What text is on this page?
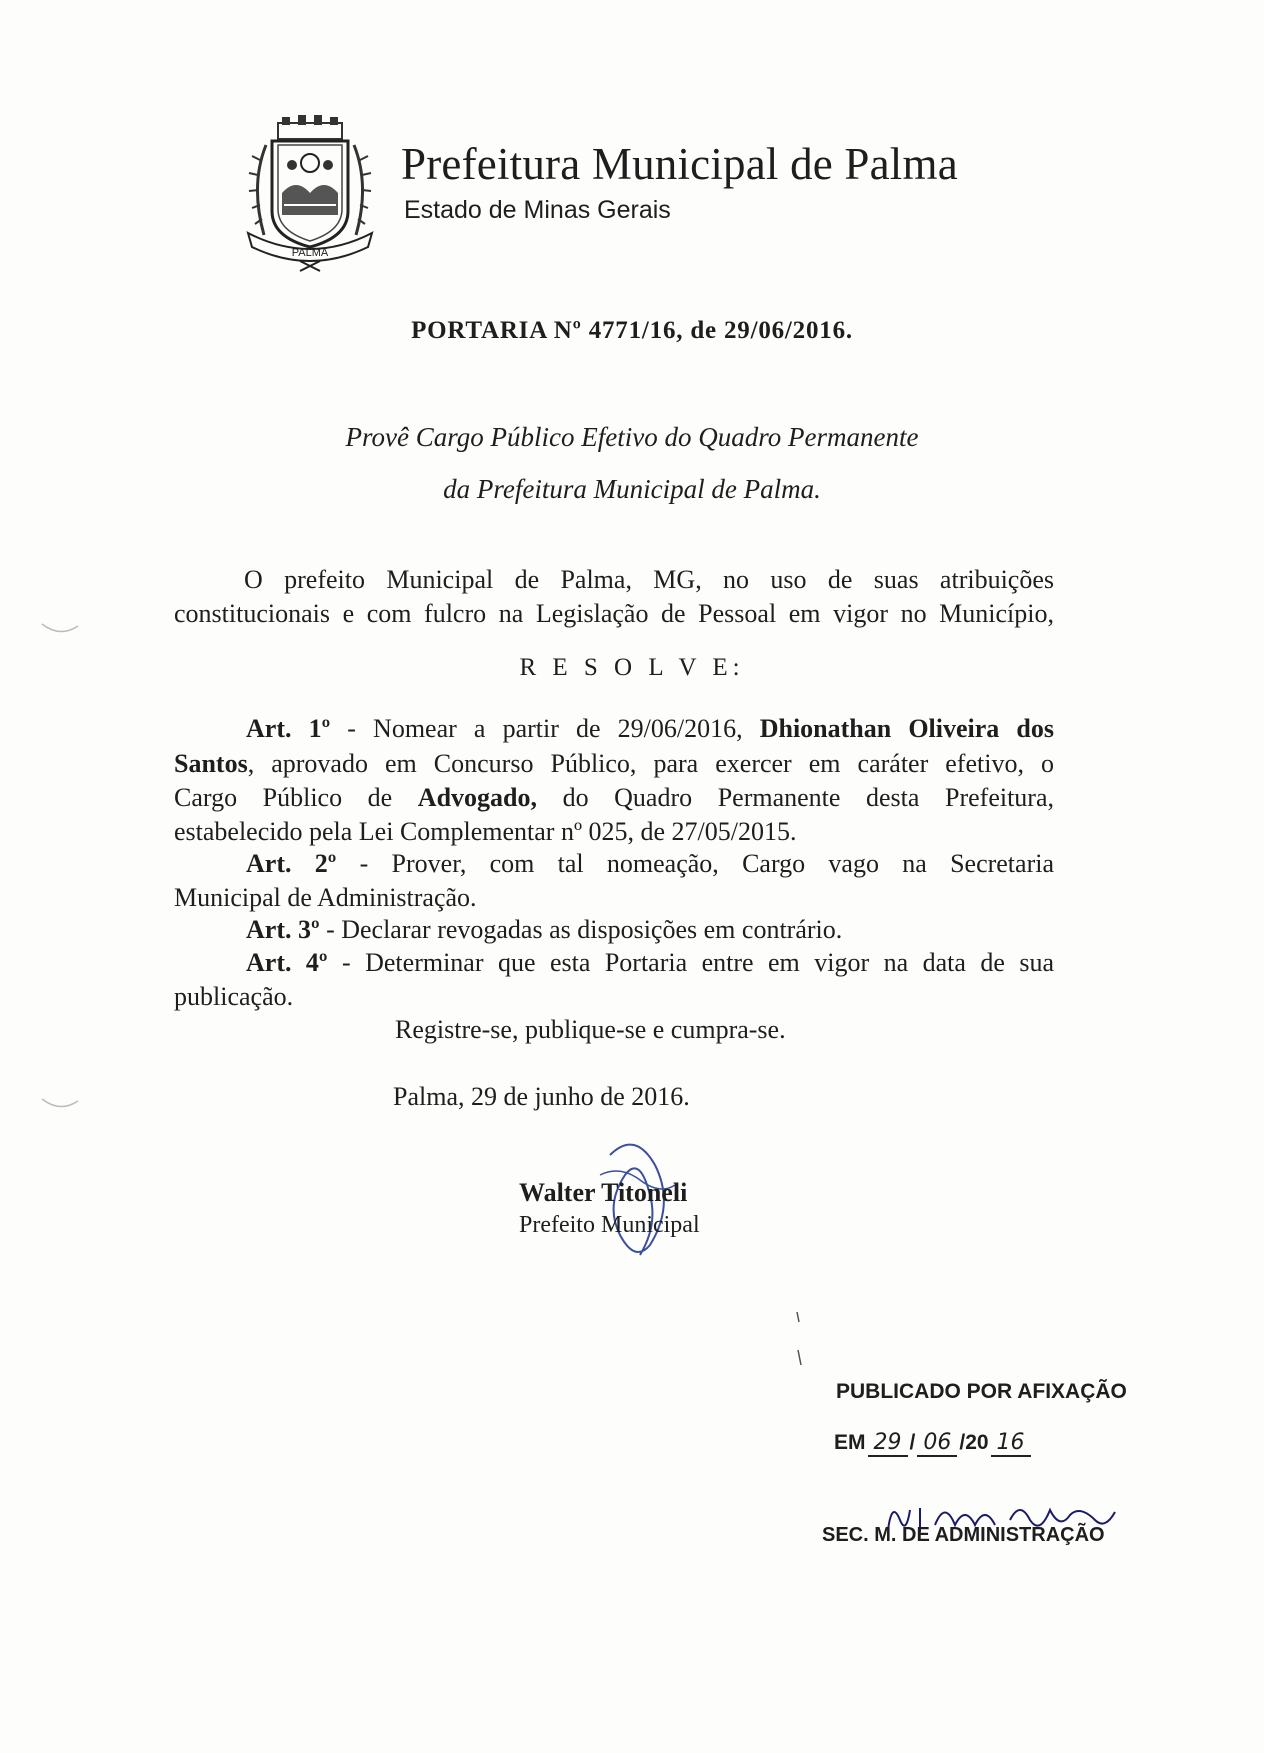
PALMA
Prefeitura Municipal de Palma
Estado de Minas Gerais
PORTARIA Nº 4771/16, de 29/06/2016.
Provê Cargo Público Efetivo do Quadro Permanente
da Prefeitura Municipal de Palma.
O prefeito Municipal de Palma, MG, no uso de suas atribuições
constitucionais e com fulcro na Legislação de Pessoal em vigor no Município,
R E S O L V E:
Art. 1º - Nomear a partir de 29/06/2016, Dhionathan Oliveira dos
Santos, aprovado em Concurso Público, para exercer em caráter efetivo, o
Cargo Público de Advogado, do Quadro Permanente desta Prefeitura,
estabelecido pela Lei Complementar nº 025, de 27/05/2015.
Art. 2º - Prover, com tal nomeação, Cargo vago na Secretaria
Municipal de Administração.
Art. 3º - Declarar revogadas as disposições em contrário.
Art. 4º - Determinar que esta Portaria entre em vigor na data de sua
publicação.
Registre-se, publique-se e cumpra-se.
Palma, 29 de junho de 2016.
Walter Titoneli
Prefeito Municipal
PUBLICADO POR AFIXAÇÃO
EM 29 / 06 /20 16
SEC. M. DE ADMINISTRAÇÃO
